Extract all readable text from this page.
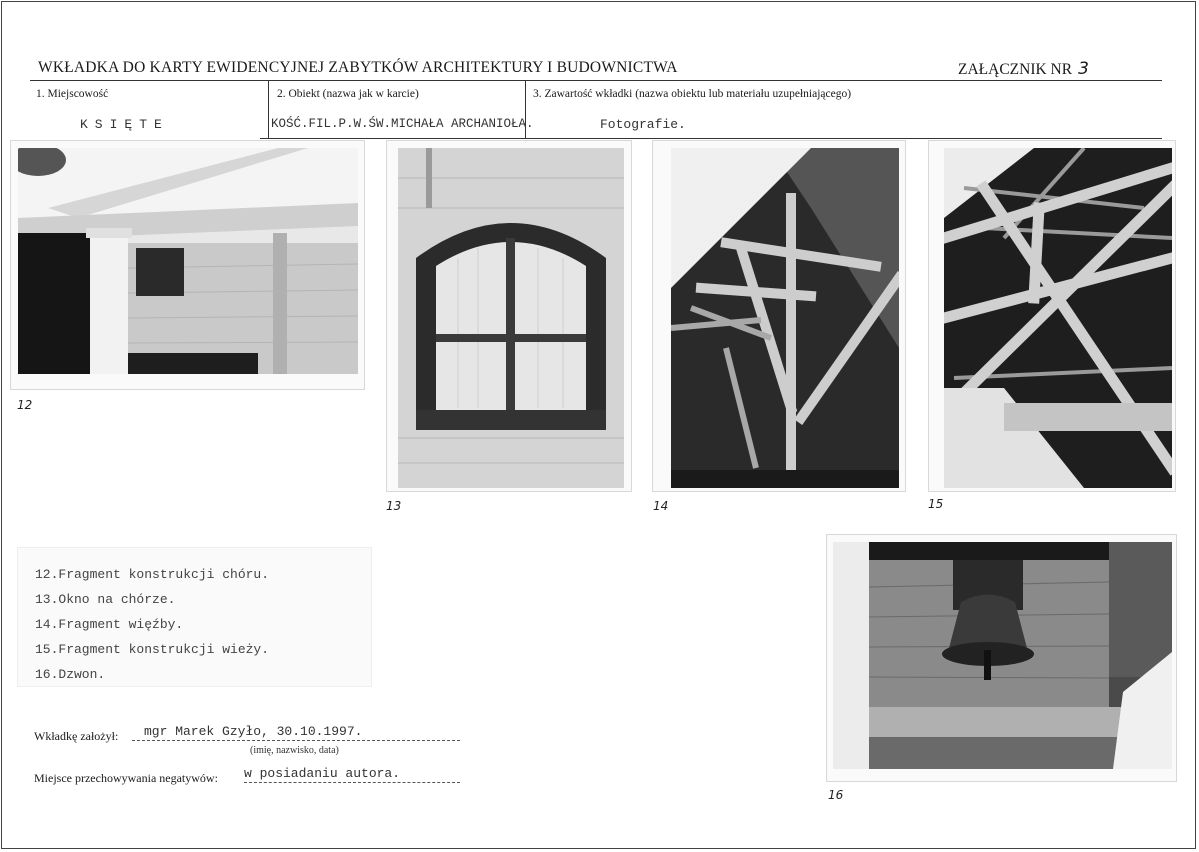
WKŁADKA DO KARTY EWIDENCYJNEJ ZABYTKÓW ARCHITEKTURY I BUDOWNICTWA	ZAŁĄCZNIK NR 3
1. Miejscowość
KSIĘTE
2. Obiekt (nazwa jak w karcie)
KOŚĆ.FIL.P.W.ŚW.MICHAŁA ARCHANIOŁA.
3. Zawartość wkładki (nazwa obiektu lub materiału uzupełniającego)
Fotografie.
12
13	14	15
12.Fragment konstrukcji chóru.
13.Okno na chórze.
14.Fragment więźby.
15.Fragment konstrukcji wieży.
16.Dzwon.
16
Wkładkę założył:	mgr Marek Gzyło, 30.10.1997.
(imię, nazwisko, data)
Miejsce przechowywania negatywów: w posiadaniu autora.
